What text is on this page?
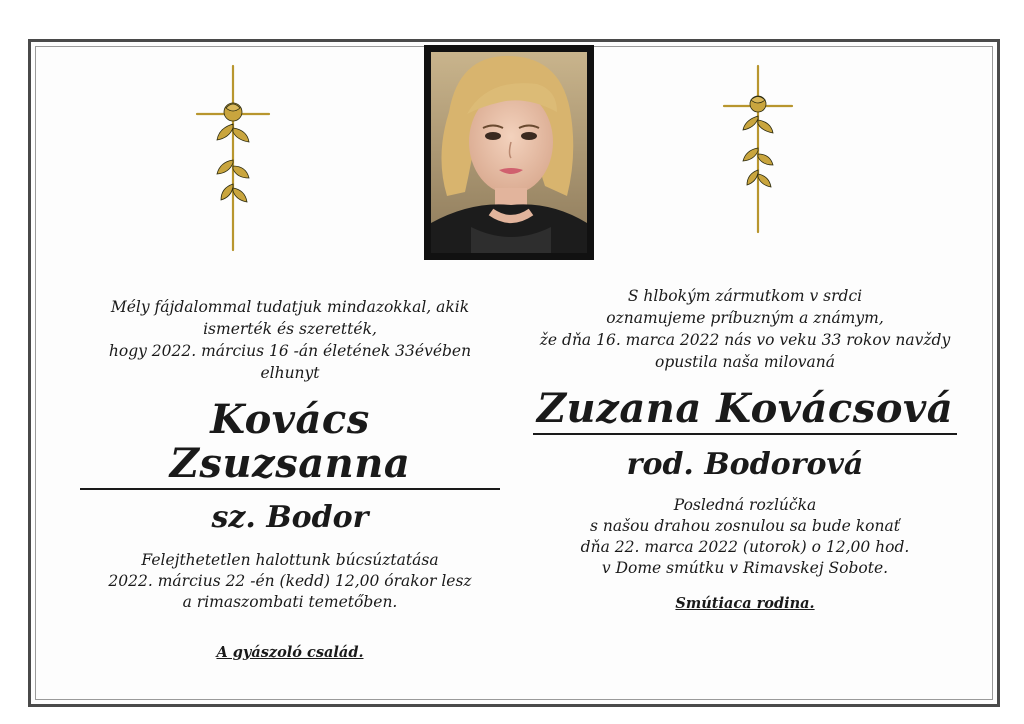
Mély fájdalommal tudatjuk mindazokkal, akik
ismerték és szerették,
hogy 2022. március 16 -án életének 33évében
elhunyt
Kovács Zsuzsanna
sz. Bodor
Felejthetetlen halottunk búcsúztatása
2022. március 22 -én (kedd) 12,00 órakor lesz
a rimaszombati temetőben.
A gyászoló család.
S hlbokým zármutkom v srdci
oznamujeme príbuzným a známym,
že dňa 16. marca 2022 nás vo veku 33 rokov navždy
opustila naša milovaná
Zuzana Kovácsová
rod. Bodorová
Posledná rozlúčka
s našou drahou zosnulou sa bude konať
dňa 22. marca 2022 (utorok) o 12,00 hod.
v Dome smútku v Rimavskej Sobote.
Smútiaca rodina.
